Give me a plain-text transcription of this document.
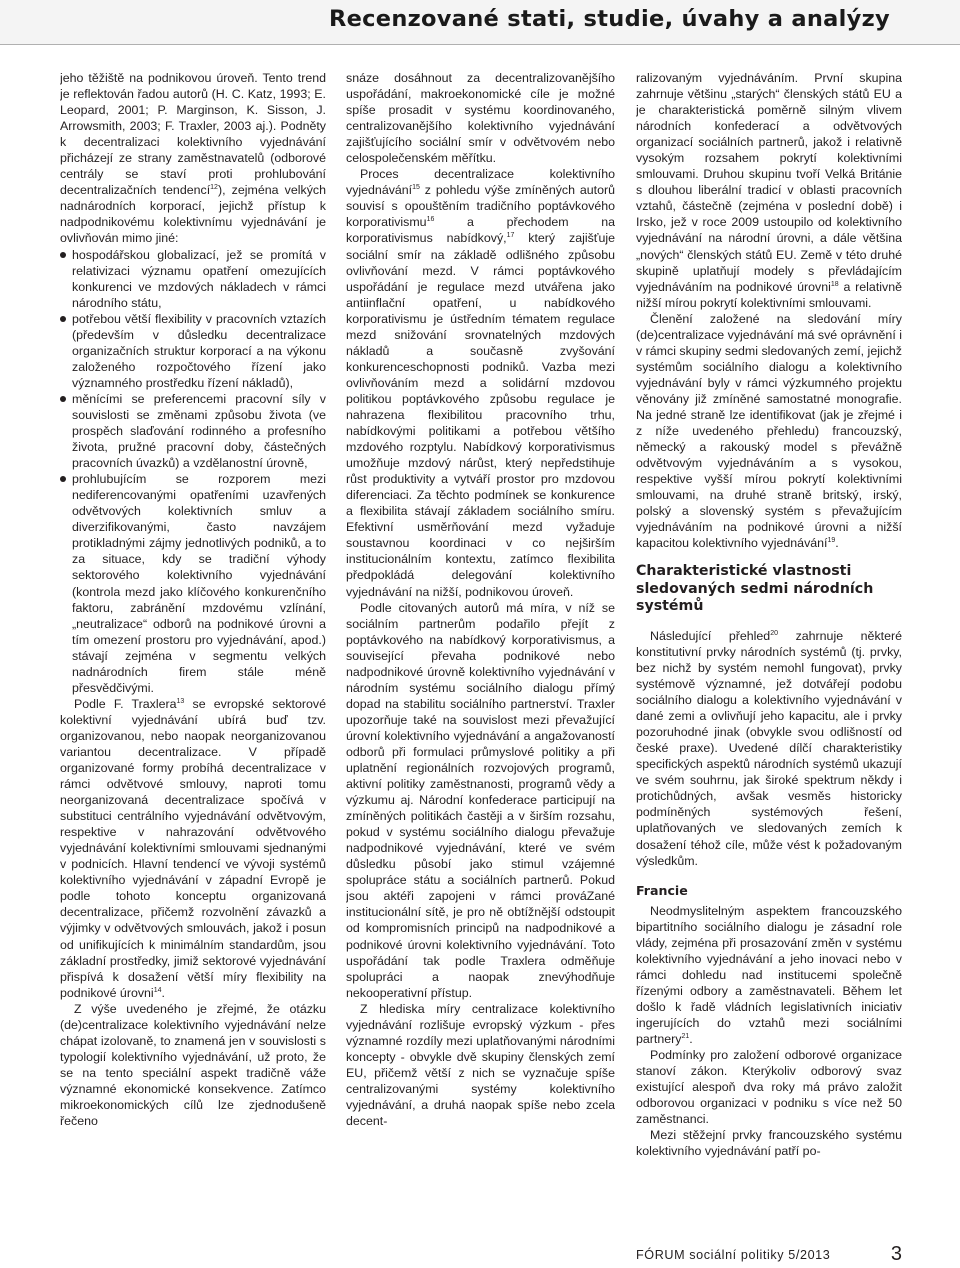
Recenzované stati, studie, úvahy a analýzy

jeho těžiště na podnikovou úroveň. Tento trend je reflektován řadou autorů (H. C. Katz, 1993; E. Leopard, 2001; P. Marginson, K. Sisson, J. Arrowsmith, 2003; F. Traxler, 2003 aj.). Podněty k decentralizaci kolektivního vyjednávání přicházejí ze strany zaměstnavatelů (odborové centrály se staví proti prohlubování decentralizačních tendencí$^{12}$), zejména velkých nadnárodních korporací, jejichž přístup k nadpodnikovému kolektivnímu vyjednávání je ovlivňován mimo jiné:

hospodářskou globalizací, jež se promítá v relativizaci významu opatření omezujících konkurenci ve mzdových nákladech v rámci národního státu,
potřebou větší flexibility v pracovních vztazích (především v důsledku decentralizace organizačních struktur korporací a na výkonu založeného rozpočtového řízení jako významného prostředku řízení nákladů),
měnícími se preferencemi pracovní síly v souvislosti se změnami způsobu života (ve prospěch slaďování rodinného a profesního života, pružné pracovní doby, částečných pracovních úvazků) a vzdělanostní úrovně,
prohlubujícím se rozporem mezi nediferencovanými opatřeními uzavřených odvětvových kolektivních smluv a diverzifikovanými, často navzájem protikladnými zájmy jednotlivých podniků, a to za situace, kdy se tradiční výhody sektorového kolektivního vyjednávání (kontrola mezd jako klíčového konkurenčního faktoru, zabránění mzdovému vzlínání, „neutralizace“ odborů na podnikové úrovni a tím omezení prostoru pro vyjednávání, apod.) stávají zejména v segmentu velkých nadnárodních firem stále méně přesvědčivými.

Podle F. Traxlera$^{13}$ se evropské sektorové kolektivní vyjednávání ubírá buď tzv. organizovanou, nebo naopak neorganizovanou variantou decentralizace. V případě organizované formy probíhá decentralizace v rámci odvětvové smlouvy, naproti tomu neorganizovaná decentralizace spočívá v substituci centrálního vyjednávání odvětvovým, respektive v nahrazování odvětvového vyjednávání kolektivními smlouvami sjednanými v podnicích. Hlavní tendencí ve vývoji systémů kolektivního vyjednávání v západní Evropě je podle tohoto konceptu organizovaná decentralizace, přičemž rozvolnění závazků a výjimky v odvětvových smlouvách, jakož i posun od unifikujících k minimálním standardům, jsou základní prostředky, jimiž sektorové vyjednávání přispívá k dosažení větší míry flexibility na podnikové úrovni$^{14}$.

Z výše uvedeného je zřejmé, že otázku (de)centralizace kolektivního vyjednávání nelze chápat izolovaně, to znamená jen v souvislosti s typologií kolektivního vyjednávání, už proto, že se na tento speciální aspekt tradičně váže významné ekonomické konsekvence. Zatímco mikroekonomických cílů lze zjednodušeně řečeno

snáze dosáhnout za decentralizovanějšího uspořádání, makroekonomické cíle je možné spíše prosadit v systému koordinovaného, centralizovanějšího kolektivního vyjednávání zajišťujícího sociální smír v odvětvovém nebo celospolečenském měřítku.

Proces decentralizace kolektivního vyjednávání$^{15}$ z pohledu výše zmíněných autorů souvisí s opouštěním tradičního poptávkového korporativismu$^{16}$ a přechodem na korporativismus nabídkový,$^{17}$ který zajišťuje sociální smír na základě odlišného způsobu ovlivňování mezd. V rámci poptávkového uspořádání je regulace mezd utvářena jako antiinflační opatření, u nabídkového korporativismu je ústředním tématem regulace mezd snižování srovnatelných mzdových nákladů a současně zvyšování konkurenceschopnosti podniků. Vazba mezi ovlivňováním mezd a solidární mzdovou politikou poptávkového způsobu regulace je nahrazena flexibilitou pracovního trhu, nabídkovými politikami a potřebou většího mzdového rozptylu. Nabídkový korporativismus umožňuje mzdový nárůst, který nepředstihuje růst produktivity a vytváří prostor pro mzdovou diferenciaci. Za těchto podmínek se konkurence a flexibilita stávají základem sociálního smíru. Efektivní usměrňování mezd vyžaduje soustavnou koordinaci v co nejširším institucionálním kontextu, zatímco flexibilita předpokládá delegování kolektivního vyjednávání na nižší, podnikovou úroveň.

Podle citovaných autorů má míra, v níž se sociálním partnerům podařilo přejít z poptávkového na nabídkový korporativismus, a související převaha podnikové nebo nadpodnikové úrovně kolektivního vyjednávání v národním systému sociálního dialogu přímý dopad na stabilitu sociálního partnerství. Traxler upozorňuje také na souvislost mezi převažující úrovní kolektivního vyjednávání a angažovaností odborů při formulaci průmyslové politiky a při uplatnění regionálních rozvojových programů, aktivní politiky zaměstnanosti, programů vědy a výzkumu aj. Národní konfederace participují na zmíněných politikách častěji a v širším rozsahu, pokud v systému sociálního dialogu převažuje nadpodnikové vyjednávání, které ve svém důsledku působí jako stimul vzájemné spolupráce státu a sociálních partnerů. Pokud jsou aktéři zapojeni v rámci prováZané institucionální sítě, je pro ně obtížnější odstoupit od kompromisních principů na nadpodnikové a podnikové úrovni kolektivního vyjednávání. Toto uspořádání tak podle Traxlera odměňuje spolupráci a naopak znevýhodňuje nekooperativní přístup.

Z hlediska míry centralizace kolektivního vyjednávání rozlišuje evropský výzkum - přes významné rozdíly mezi uplatňovanými národními koncepty - obvykle dvě skupiny členských zemí EU, přičemž větší z nich se vyznačuje spíše centralizovanými systémy kolektivního vyjednávání, a druhá naopak spíše nebo zcela decent-

ralizovaným vyjednáváním. První skupina zahrnuje většinu „starých“ členských států EU a je charakteristická poměrně silným vlivem národních konfederací a odvětvových organizací sociálních partnerů, jakož i relativně vysokým rozsahem pokrytí kolektivními smlouvami. Druhou skupinu tvoří Velká Británie s dlouhou liberální tradicí v oblasti pracovních vztahů, částečně (zejména v poslední době) i Irsko, jež v roce 2009 ustoupilo od kolektivního vyjednávání na národní úrovni, a dále většina „nových“ členských států EU. Země v této druhé skupině uplatňují modely s převládajícím vyjednáváním na podnikové úrovni$^{18}$ a relativně nižší mírou pokrytí kolektivními smlouvami.

Členění založené na sledování míry (de)centralizace vyjednávání má své oprávnění i v rámci skupiny sedmi sledovaných zemí, jejichž systémům sociálního dialogu a kolektivního vyjednávání byly v rámci výzkumného projektu věnovány již zmíněné samostatné monografie. Na jedné straně lze identifikovat (jak je zřejmé i z níže uvedeného přehledu) francouzský, německý a rakouský model s převážně odvětvovým vyjednáváním a s vysokou, respektive vyšší mírou pokrytí kolektivními smlouvami, na druhé straně britský, irský, polský a slovenský systém s převažujícím vyjednáváním na podnikové úrovni a nižší kapacitou kolektivního vyjednávání$^{19}$.

Charakteristické vlastnosti sledovaných sedmi národních systémů

Následující přehled$^{20}$ zahrnuje některé konstitutivní prvky národních systémů (tj. prvky, bez nichž by systém nemohl fungovat), prvky systémově významné, jež dotvářejí podobu sociálního dialogu a kolektivního vyjednávání v dané zemi a ovlivňují jeho kapacitu, ale i prvky pozoruhodné jinak (obvykle svou odlišností od české praxe). Uvedené dílčí charakteristiky specifických aspektů národních systémů ukazují ve svém souhrnu, jak široké spektrum někdy i protichůdných, avšak vesměs historicky podmíněných systémových řešení, uplatňovaných ve sledovaných zemích k dosažení téhož cíle, může vést k požadovaným výsledkům.

Francie

Neodmyslitelným aspektem francouzského bipartitního sociálního dialogu je zásadní role vlády, zejména při prosazování změn v systému kolektivního vyjednávání a jeho inovaci nebo v rámci dohledu nad institucemi společně řízenými odbory a zaměstnavateli. Během let došlo k řadě vládních legislativních iniciativ ingerujících do vztahů mezi sociálními partnery$^{21}$.

Podmínky pro založení odborové organizace stanoví zákon. Kterýkoliv odborový svaz existující alespoň dva roky má právo založit odborovou organizaci v podniku s více než 50 zaměstnanci.

Mezi stěžejní prvky francouzského systému kolektivního vyjednávání patří po-

FÓRUM sociální politiky 5/2013	3
